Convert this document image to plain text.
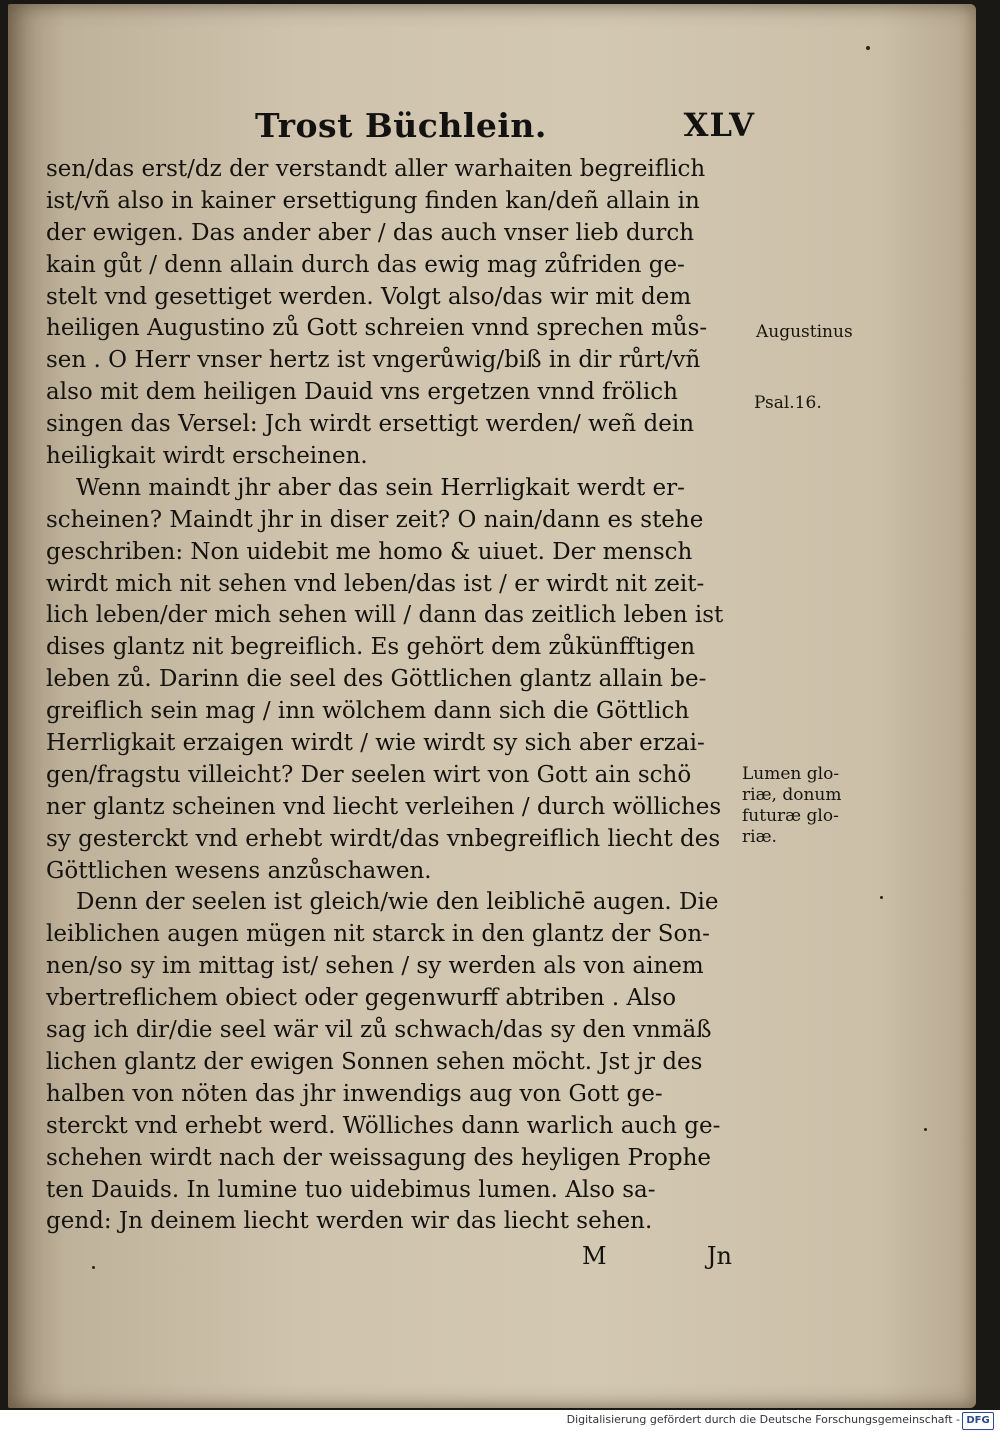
Trost Büchlein.	XLV
sen/das erst/dz der verstandt aller warhaiten begreiflich
ist/vñ also in kainer ersettigung finden kan/deñ allain in
der ewigen. Das ander aber / das auch vnser lieb durch
kain gůt / denn allain durch das ewig mag zůfriden ge-
stelt vnd gesettiget werden. Volgt also/das wir mit dem
heiligen Augustino zů Gott schreien vnnd sprechen můs-
sen . O Herr vnser hertz ist vngerůwig/biß in dir růrt/vñ
also mit dem heiligen Dauid vns ergetzen vnnd frölich
singen das Versel: Jch wirdt ersettigt werden/ weñ dein
heiligkait wirdt erscheinen.
Wenn maindt jhr aber das sein Herrligkait werdt er-
scheinen? Maindt jhr in diser zeit? O nain/dann es stehe
geschriben: Non uidebit me homo & uiuet. Der mensch
wirdt mich nit sehen vnd leben/das ist / er wirdt nit zeit-
lich leben/der mich sehen will / dann das zeitlich leben ist
dises glantz nit begreiflich. Es gehört dem zůkünfftigen
leben zů. Darinn die seel des Göttlichen glantz allain be-
greiflich sein mag / inn wölchem dann sich die Göttlich
Herrligkait erzaigen wirdt / wie wirdt sy sich aber erzai-
gen/fragstu villeicht? Der seelen wirt von Gott ain schö
ner glantz scheinen vnd liecht verleihen / durch wölliches
sy gesterckt vnd erhebt wirdt/das vnbegreiflich liecht des
Göttlichen wesens anzůschawen.
Denn der seelen ist gleich/wie den leiblichē augen. Die
leiblichen augen mügen nit starck in den glantz der Son-
nen/so sy im mittag ist/ sehen / sy werden als von ainem
vbertreflichem obiect oder gegenwurff abtriben . Also
sag ich dir/die seel wär vil zů schwach/das sy den vnmäß
lichen glantz der ewigen Sonnen sehen möcht. Jst jr des
halben von nöten das jhr inwendigs aug von Gott ge-
sterckt vnd erhebt werd. Wölliches dann warlich auch ge-
schehen wirdt nach der weissagung des heyligen Prophe
ten Dauids. In lumine tuo uidebimus lumen. Also sa-
gend: Jn deinem liecht werden wir das liecht sehen.
M	Jn
Augustinus
Psal.16.
Lumen glo-
riæ, donum
futuræ glo-
riæ.
Digitalisierung gefördert durch die Deutsche Forschungsgemeinschaft - DFG
